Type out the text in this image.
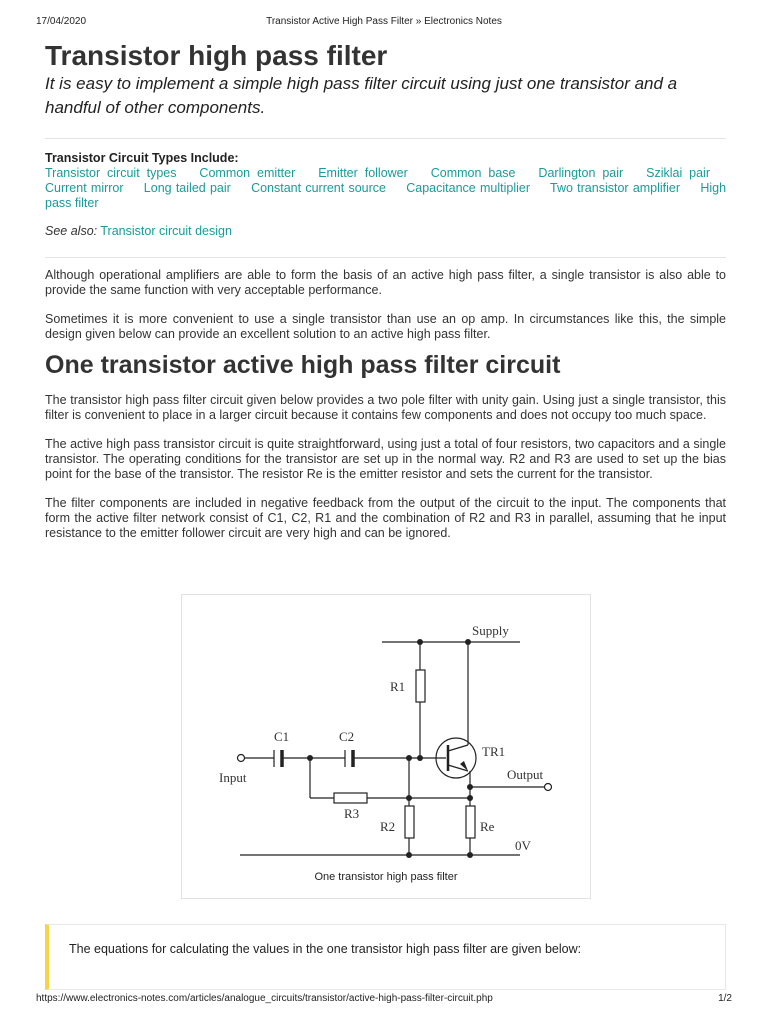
17/04/2020	Transistor Active High Pass Filter » Electronics Notes
Transistor high pass filter

It is easy to implement a simple high pass filter circuit using just one transistor and a handful of other components.

Transistor Circuit Types Include:
Transistor circuit types Common emitter Emitter follower Common base Darlington pair Sziklai pair Current mirror Long tailed pair Constant current source Capacitance multiplier Two transistor amplifier High pass filter
See also: Transistor circuit design

Although operational amplifiers are able to form the basis of an active high pass filter, a single transistor is also able to provide the same function with very acceptable performance.

Sometimes it is more convenient to use a single transistor than use an op amp. In circumstances like this, the simple design given below can provide an excellent solution to an active high pass filter.

One transistor active high pass filter circuit

The transistor high pass filter circuit given below provides a two pole filter with unity gain. Using just a single transistor, this filter is convenient to place in a larger circuit because it contains few components and does not occupy too much space.

The active high pass transistor circuit is quite straightforward, using just a total of four resistors, two capacitors and a single transistor. The operating conditions for the transistor are set up in the normal way. R2 and R3 are used to set up the bias point for the base of the transistor. The resistor Re is the emitter resistor and sets the current for the transistor.

The filter components are included in negative feedback from the output of the circuit to the input. The components that form the active filter network consist of C1, C2, R1 and the combination of R2 and R3 in parallel, assuming that he input resistance to the emitter follower circuit are very high and can be ignored.

Supply
R1
C1	C2
TR1
Input	Output
R3
R2	Re
0V
One transistor high pass filter
The equations for calculating the values in the one transistor high pass filter are given below:
https://www.electronics-notes.com/articles/analogue_circuits/transistor/active-high-pass-filter-circuit.php	1/2
